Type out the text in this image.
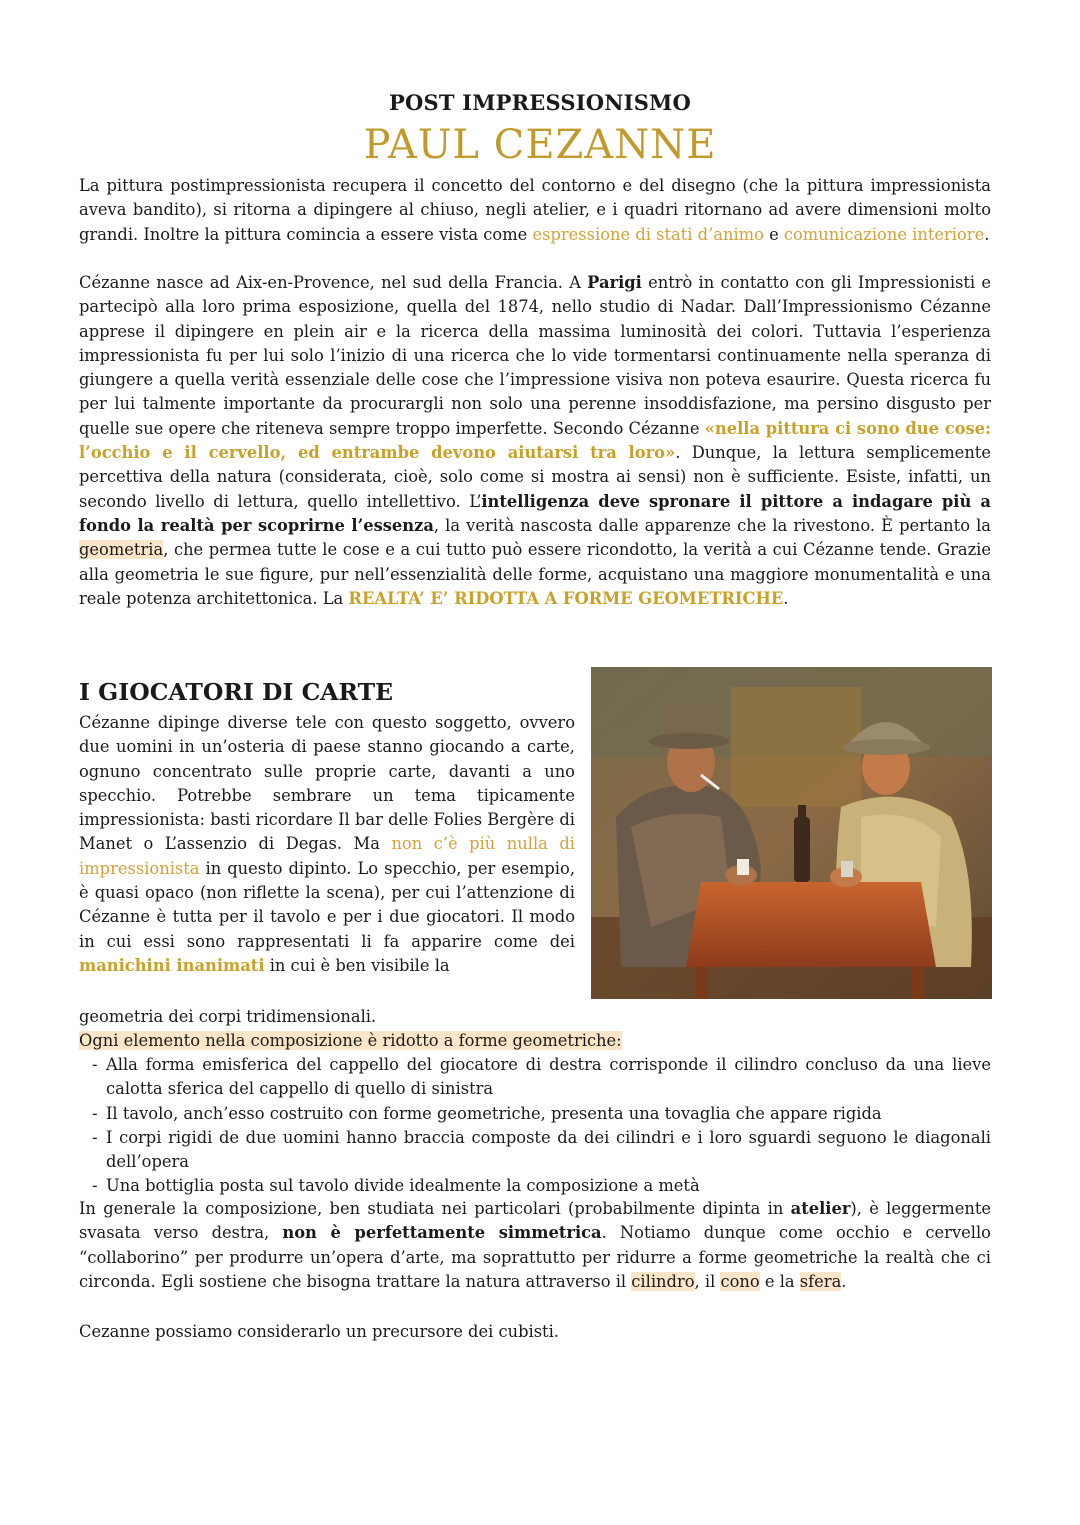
POST IMPRESSIONISMO
PAUL CEZANNE

La pittura postimpressionista recupera il concetto del contorno e del disegno (che la pittura impressionista aveva bandito), si ritorna a dipingere al chiuso, negli atelier, e i quadri ritornano ad avere dimensioni molto grandi. Inoltre la pittura comincia a essere vista come espressione di stati d’animo e comunicazione interiore.

Cézanne nasce ad Aix-en-Provence, nel sud della Francia. A Parigi entrò in contatto con gli Impressionisti e partecipò alla loro prima esposizione, quella del 1874, nello studio di Nadar. Dall’Impressionismo Cézanne apprese il dipingere en plein air e la ricerca della massima luminosità dei colori. Tuttavia l’esperienza impressionista fu per lui solo l’inizio di una ricerca che lo vide tormentarsi continuamente nella speranza di giungere a quella verità essenziale delle cose che l’impressione visiva non poteva esaurire. Questa ricerca fu per lui talmente importante da procurargli non solo una perenne insoddisfazione, ma persino disgusto per quelle sue opere che riteneva sempre troppo imperfette. Secondo Cézanne «nella pittura ci sono due cose: l’occhio e il cervello, ed entrambe devono aiutarsi tra loro». Dunque, la lettura semplicemente percettiva della natura (considerata, cioè, solo come si mostra ai sensi) non è sufficiente. Esiste, infatti, un secondo livello di lettura, quello intellettivo. L’intelligenza deve spronare il pittore a indagare più a fondo la realtà per scoprirne l’essenza, la verità nascosta dalle apparenze che la rivestono. È pertanto la geometria, che permea tutte le cose e a cui tutto può essere ricondotto, la verità a cui Cézanne tende. Grazie alla geometria le sue figure, pur nell’essenzialità delle forme, acquistano una maggiore monumentalità e una reale potenza architettonica. La REALTA’ E’ RIDOTTA A FORME GEOMETRICHE.

I GIOCATORI DI CARTE

Cézanne dipinge diverse tele con questo soggetto, ovvero due uomini in un’osteria di paese stanno giocando a carte, ognuno concentrato sulle proprie carte, davanti a uno specchio. Potrebbe sembrare un tema tipicamente impressionista: basti ricordare Il bar delle Folies Bergère di Manet o L’assenzio di Degas. Ma non c’è più nulla di impressionista in questo dipinto. Lo specchio, per esempio, è quasi opaco (non riflette la scena), per cui l’attenzione di Cézanne è tutta per il tavolo e per i due giocatori. Il modo in cui essi sono rappresentati li fa apparire come dei manichini inanimati in cui è ben visibile la

geometria dei corpi tridimensionali.

Ogni elemento nella composizione è ridotto a forme geometriche:

- Alla forma emisferica del cappello del giocatore di destra corrisponde il cilindro concluso da una lieve calotta sferica del cappello di quello di sinistra
- Il tavolo, anch’esso costruito con forme geometriche, presenta una tovaglia che appare rigida
- I corpi rigidi de due uomini hanno braccia composte da dei cilindri e i loro sguardi seguono le diagonali dell’opera
- Una bottiglia posta sul tavolo divide idealmente la composizione a metà

In generale la composizione, ben studiata nei particolari (probabilmente dipinta in atelier), è leggermente svasata verso destra, non è perfettamente simmetrica. Notiamo dunque come occhio e cervello “collaborino” per produrre un’opera d’arte, ma soprattutto per ridurre a forme geometriche la realtà che ci circonda. Egli sostiene che bisogna trattare la natura attraverso il cilindro, il cono e la sfera.

Cezanne possiamo considerarlo un precursore dei cubisti.
